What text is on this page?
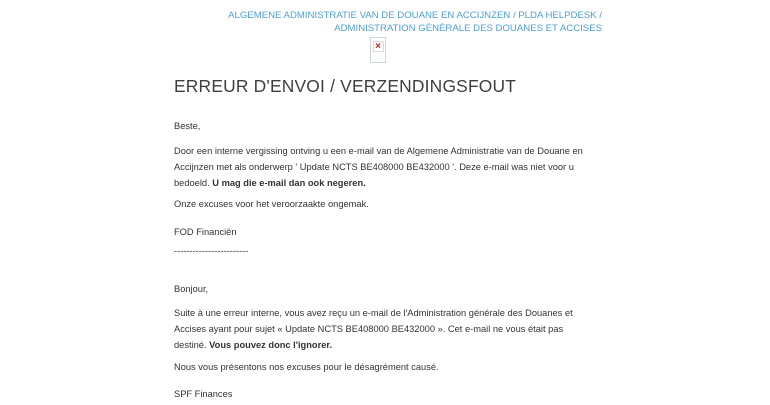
ALGEMENE ADMINISTRATIE VAN DE DOUANE EN ACCIJNZEN / PLDA HELPDESK /
ADMINISTRATION GÉNÉRALE DES DOUANES ET ACCISES
×
ERREUR D'ENVOI / VERZENDINGSFOUT

Beste,

Door een interne vergissing ontving u een e-mail van de Algemene Administratie van de Douane en
Accijnzen met als onderwerp ' Update NCTS BE408000 BE432000 '. Deze e-mail was niet voor u
bedoeld. U mag die e-mail dan ook negeren.

Onze excuses voor het veroorzaakte ongemak.

FOD Financiën

------------------------

Bonjour,

Suite à une erreur interne, vous avez reçu un e-mail de l'Administration générale des Douanes et
Accises ayant pour sujet « Update NCTS BE408000 BE432000 ». Cet e-mail ne vous était pas
destiné. Vous pouvez donc l'ignorer.

Nous vous présentons nos excuses pour le désagrément causé.

SPF Finances
